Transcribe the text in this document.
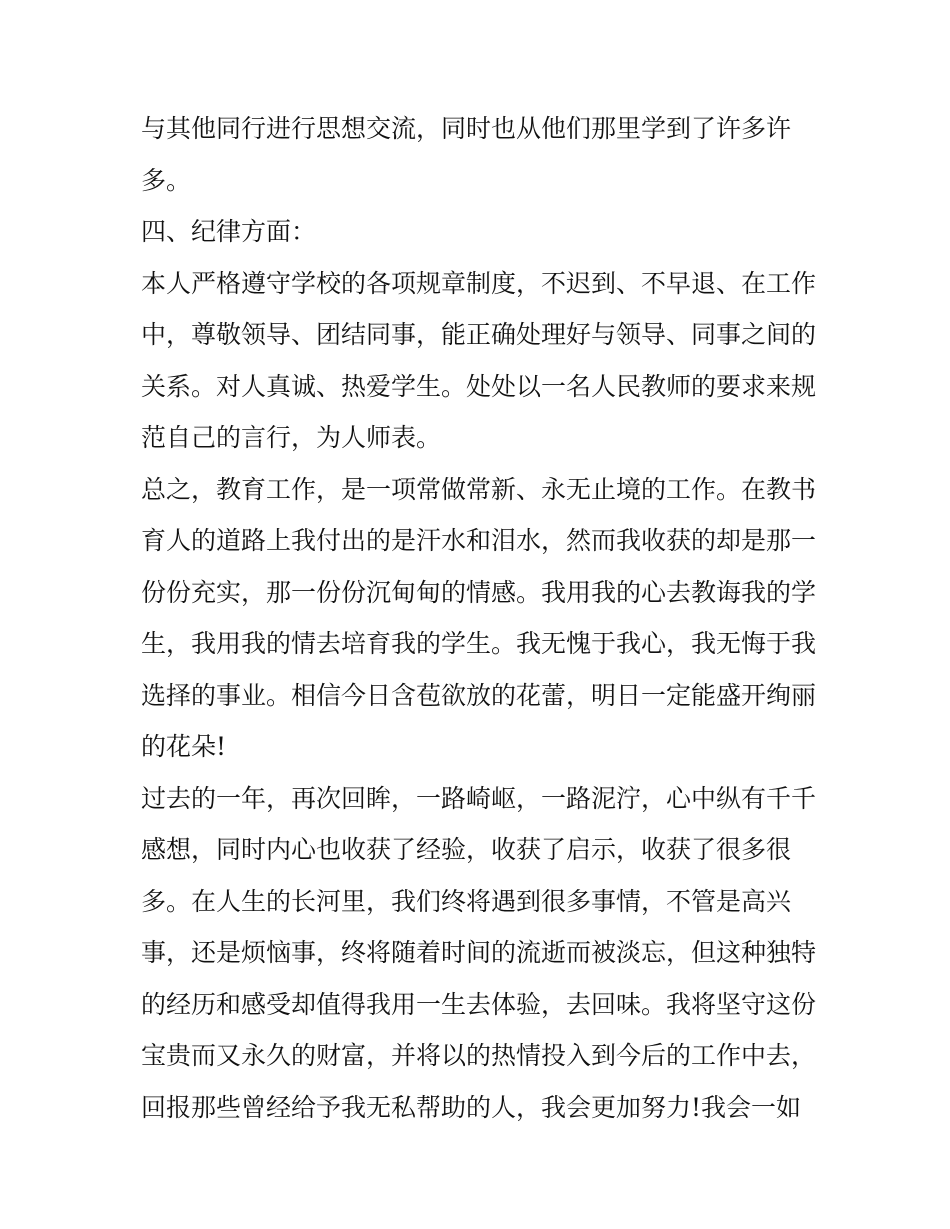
与其他同行进行思想交流，同时也从他们那里学到了许多许
多。
四、纪律方面：
本人严格遵守学校的各项规章制度，不迟到、不早退、在工作
中，尊敬领导、团结同事，能正确处理好与领导、同事之间的
关系。对人真诚、热爱学生。处处以一名人民教师的要求来规
范自己的言行，为人师表。
总之，教育工作，是一项常做常新、永无止境的工作。在教书
育人的道路上我付出的是汗水和泪水，然而我收获的却是那一
份份充实，那一份份沉甸甸的情感。我用我的心去教诲我的学
生，我用我的情去培育我的学生。我无愧于我心，我无悔于我
选择的事业。相信今日含苞欲放的花蕾，明日一定能盛开绚丽
的花朵!
过去的一年，再次回眸，一路崎岖，一路泥泞，心中纵有千千
感想，同时内心也收获了经验，收获了启示，收获了很多很
多。在人生的长河里，我们终将遇到很多事情，不管是高兴
事，还是烦恼事，终将随着时间的流逝而被淡忘，但这种独特
的经历和感受却值得我用一生去体验，去回味。我将坚守这份
宝贵而又永久的财富，并将以的热情投入到今后的工作中去，
回报那些曾经给予我无私帮助的人，我会更加努力!我会一如
